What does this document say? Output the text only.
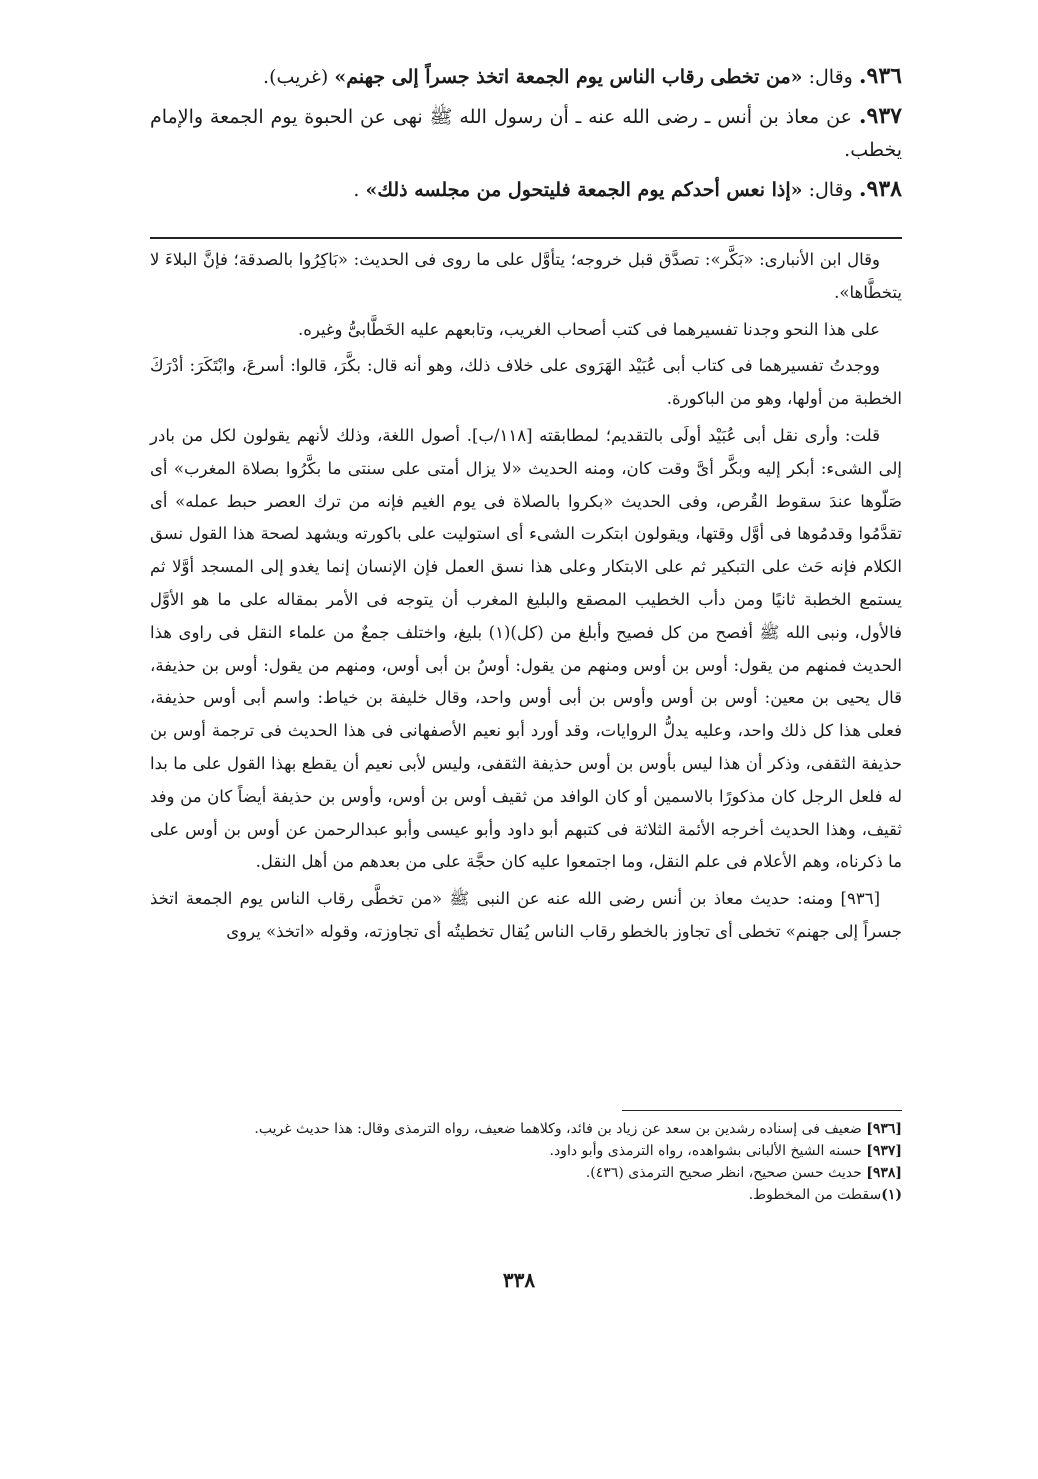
٩٣٦. وقال: «من تخطى رقاب الناس يوم الجمعة اتخذ جسراً إلى جهنم» (غريب).

٩٣٧. عن معاذ بن أنس ـ رضى الله عنه ـ أن رسول الله ﷺ نهى عن الحبوة يوم الجمعة والإمام يخطب.

٩٣٨. وقال: «إذا نعس أحدكم يوم الجمعة فليتحول من مجلسه ذلك» .

وقال ابن الأنبارى: «بَكَّر»: تصدَّق قبل خروجه؛ يتأوَّل على ما روى فى الحديث: «بَاكِرُوا بالصدقة؛ فإنَّ البلاءَ لا يتخطَّاها».

على هذا النحو وجدنا تفسيرهما فى كتب أصحاب الغريب، وتابعهم عليه الخَطَّابىُّ وغيره.

ووجدتُ تفسيرهما فى كتاب أبى عُبَيْد الهَرَوى على خلاف ذلك، وهو أنه قال: بكَّرَ، قالوا: أسرعَ، وابْتَكَرَ: أدْرَكَ الخطبة من أولها، وهو من الباكورة.

قلت: وأرى نقل أبى عُبَيْد أولَى بالتقديم؛ لمطابقته [١١٨/ب]. أصول اللغة، وذلك لأنهم يقولون لكل من بادر إلى الشىء: أبكر إليه وبكَّر أىَّ وقت كان، ومنه الحديث «لا يزال أمتى على سنتى ما بكَّرُوا بصلاة المغرب» أى صَلّوها عندَ سقوط القُرص، وفى الحديث «بكروا بالصلاة فى يوم الغيم فإنه من ترك العصر حبط عمله» أى تقدَّمُوا وقدمُوها فى أوَّل وقتها، ويقولون ابتكرت الشىء أى استوليت على باكورته ويشهد لصحة هذا القول نسق الكلام فإنه حَث على التبكير ثم على الابتكار وعلى هذا نسق العمل فإن الإنسان إنما يغدو إلى المسجد أوَّلا ثم يستمع الخطبة ثانيًا ومن دأب الخطيب المصقع والبليغ المغرب أن يتوجه فى الأمر بمقاله على ما هو الأوَّل فالأول، ونبى الله ﷺ أفصح من كل فصيح وأبلغ من (كل)(١) بليغ، واختلف جمعٌ من علماء النقل فى راوى هذا الحديث فمنهم من يقول: أوس بن أوس ومنهم من يقول: أوسُ بن أبى أوس، ومنهم من يقول: أوس بن حذيفة، قال يحيى بن معين: أوس بن أوس وأوس بن أبى أوس واحد، وقال خليفة بن خياط: واسم أبى أوس حذيفة، فعلى هذا كل ذلك واحد، وعليه يدلُّ الروايات، وقد أورد أبو نعيم الأصفهانى فى هذا الحديث فى ترجمة أوس بن حذيفة الثقفى، وذكر أن هذا ليس بأوس بن أوس حذيفة الثقفى، وليس لأبى نعيم أن يقطع بهذا القول على ما بدا له فلعل الرجل كان مذكورًا بالاسمين أو كان الوافد من ثقيف أوس بن أوس، وأوس بن حذيفة أيضاً كان من وفد ثقيف، وهذا الحديث أخرجه الأئمة الثلاثة فى كتبهم أبو داود وأبو عيسى وأبو عبدالرحمن عن أوس بن أوس على ما ذكرناه، وهم الأعلام فى علم النقل، وما اجتمعوا عليه كان حجَّة على من بعدهم من أهل النقل.

[٩٣٦] ومنه: حديث معاذ بن أنس رضى الله عنه عن النبى ﷺ «من تخطَّى رقاب الناس يوم الجمعة اتخذ جسراً إلى جهنم» تخطى أى تجاوز بالخطو رقاب الناس يُقال تخطيتُه أى تجاوزته، وقوله «اتخذ» يروى

[٩٣٦] ضعيف فى إسناده رشدين بن سعد عن زياد بن فائد، وكلاهما ضعيف، رواه الترمذى وقال: هذا حديث غريب.

[٩٣٧] حسنه الشيخ الألبانى بشواهده، رواه الترمذى وأبو داود.

[٩٣٨] حديث حسن صحيح، انظر صحيح الترمذى (٤٣٦).

(١)سقطت من المخطوط.

٣٣٨
